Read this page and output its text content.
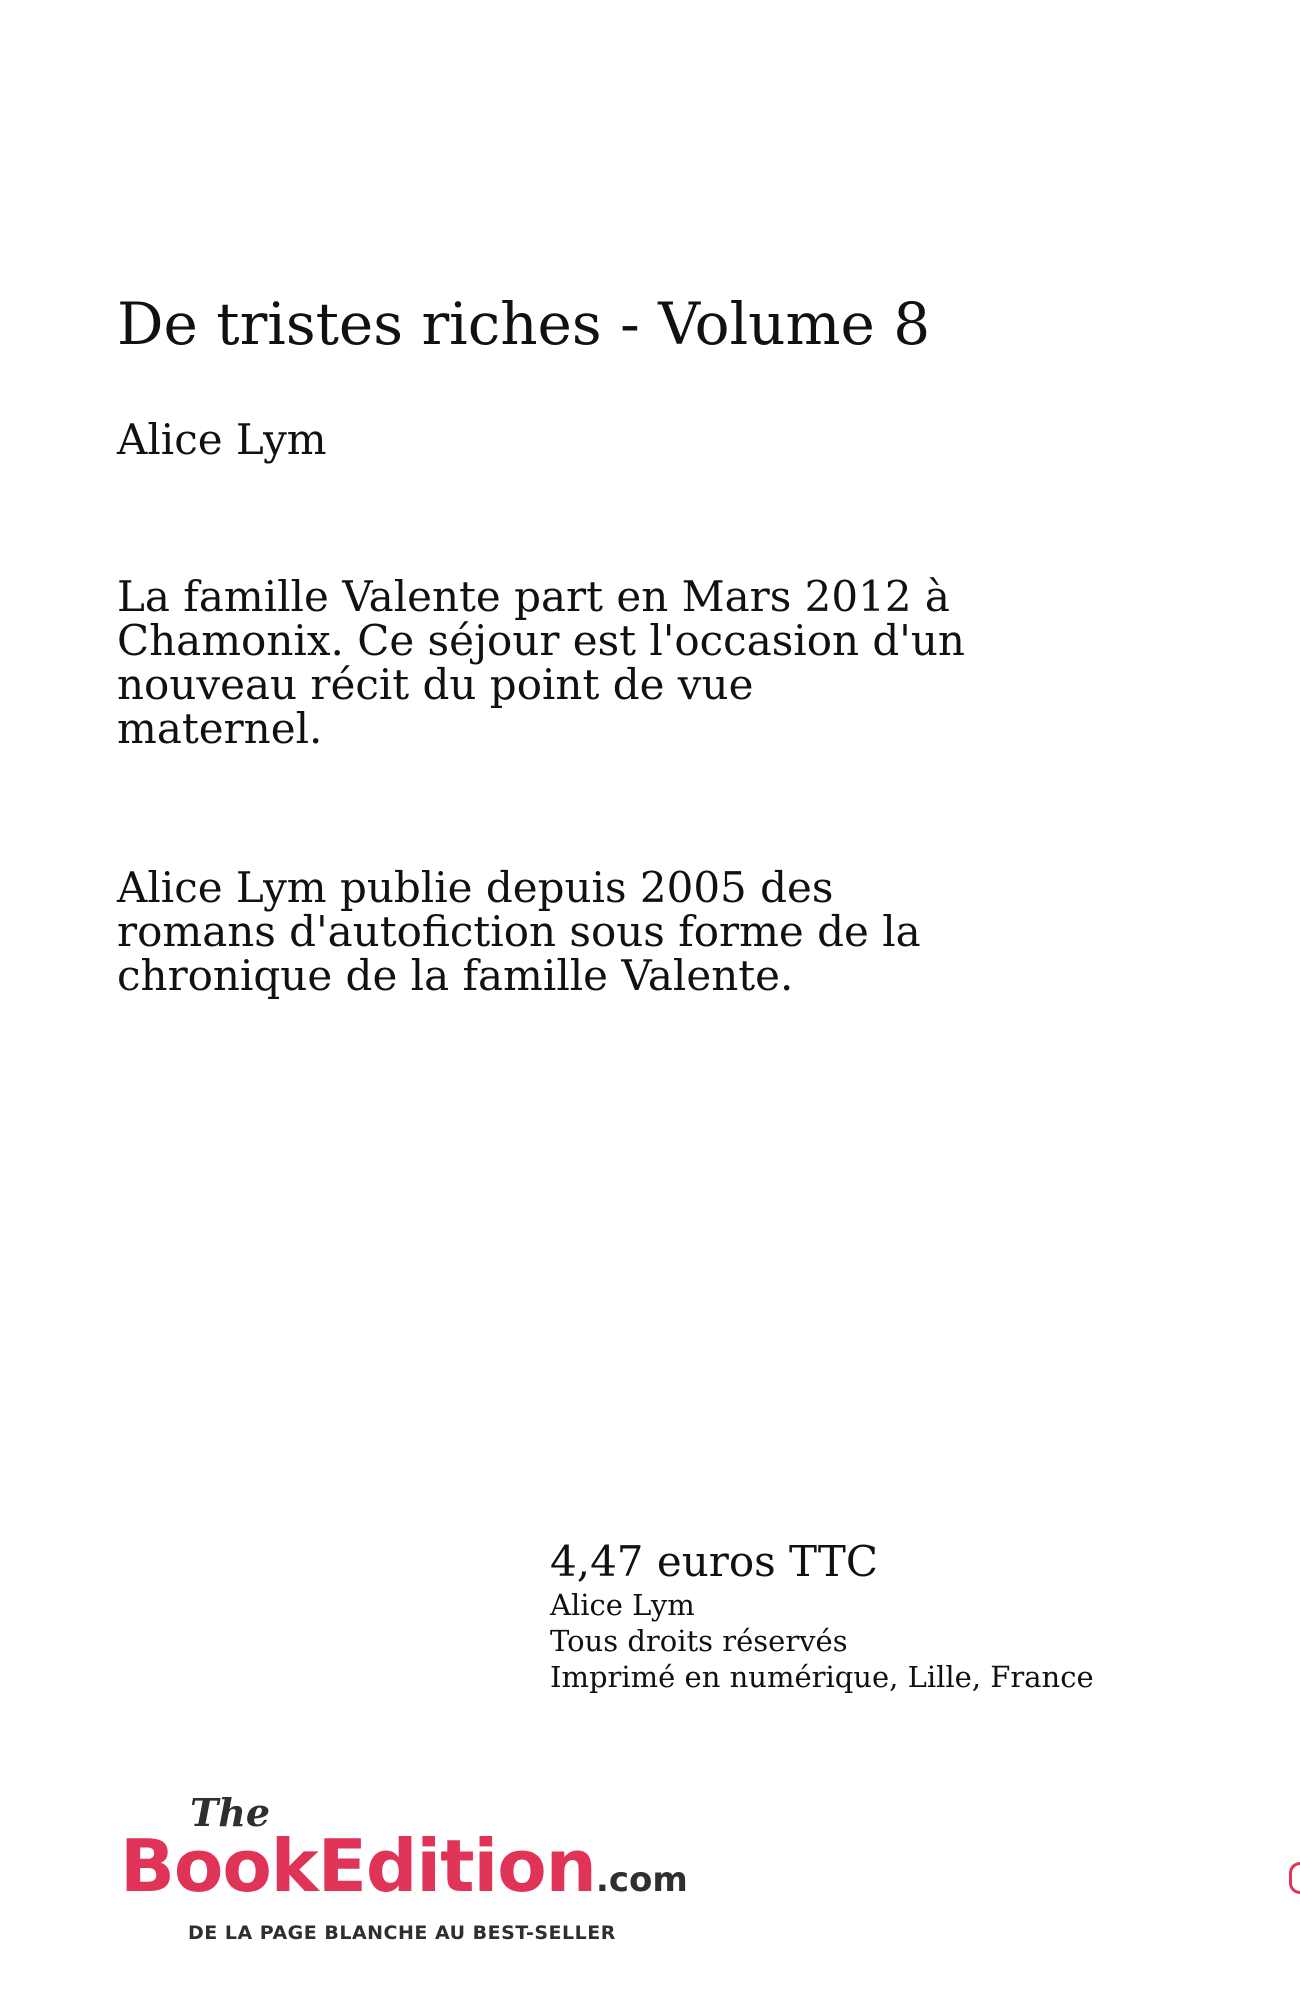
De tristes riches - Volume 8
Alice Lym
La famille Valente part en Mars 2012 à
Chamonix. Ce séjour est l'occasion d'un
nouveau récit du point de vue
maternel.
Alice Lym publie depuis 2005 des
romans d'autofiction sous forme de la
chronique de la famille Valente.
4,47 euros TTC
Alice Lym
Tous droits réservés
Imprimé en numérique, Lille, France
The
BookEdition.com
DE LA PAGE BLANCHE AU BEST-SELLER
